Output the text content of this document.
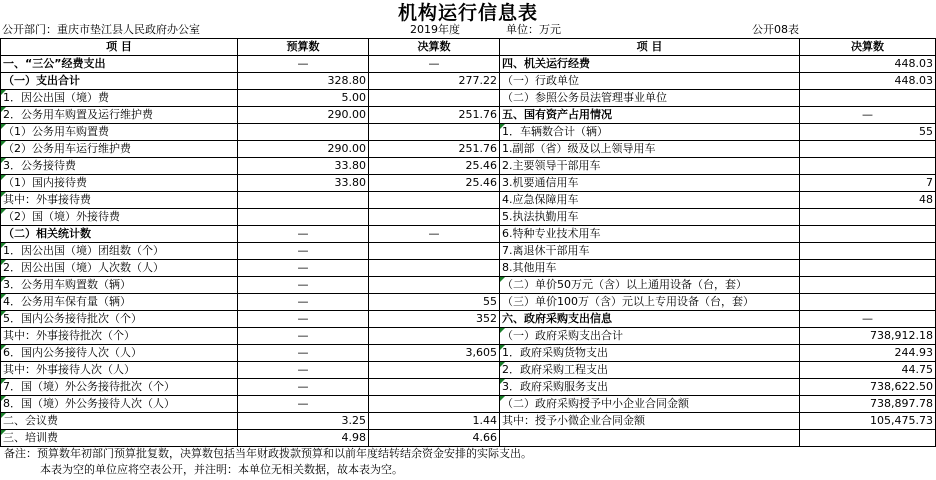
机构运行信息表
公开部门：重庆市垫江县人民政府办公室	2019年度	单位：万元	公开08表
项 目	预算数	决算数	项 目	决算数
一、“三公”经费支出	—	—	四、机关运行经费	448.03
（一）支出合计	328.80	277.22	（一）行政单位	448.03
1．因公出国（境）费	5.00		（二）参照公务员法管理事业单位	
2．公务用车购置及运行维护费	290.00	251.76	五、国有资产占用情况	—
（1）公务用车购置费			1．车辆数合计（辆）	55
（2）公务用车运行维护费	290.00	251.76	1.副部（省）级及以上领导用车	
3．公务接待费	33.80	25.46	2.主要领导干部用车	
（1）国内接待费	33.80	25.46	3.机要通信用车	7
其中：外事接待费			4.应急保障用车	48
（2）国（境）外接待费			5.执法执勤用车	
（二）相关统计数	—	—	6.特种专业技术用车	
1．因公出国（境）团组数（个）	—		7.离退休干部用车	
2．因公出国（境）人次数（人）	—		8.其他用车	
3．公务用车购置数（辆）	—		（二）单价50万元（含）以上通用设备（台，套）	
4．公务用车保有量（辆）	—	55	（三）单价100万（含）元以上专用设备（台，套）	
5．国内公务接待批次（个）	—	352	六、政府采购支出信息	—
其中：外事接待批次（个）	—		（一）政府采购支出合计	738,912.18
6．国内公务接待人次（人）	—	3,605	1．政府采购货物支出	244.93
其中：外事接待人次（人）	—		2．政府采购工程支出	44.75
7．国（境）外公务接待批次（个）	—		3．政府采购服务支出	738,622.50
8．国（境）外公务接待人次（人）	—		（二）政府采购授予中小企业合同金额	738,897.78
二、会议费	3.25	1.44	其中：授予小微企业合同金额	105,475.73
三、培训费	4.98	4.66		
备注：预算数年初部门预算批复数，决算数包括当年财政拨款预算和以前年度结转结余资金安排的实际支出。
本表为空的单位应将空表公开，并注明：本单位无相关数据，故本表为空。
